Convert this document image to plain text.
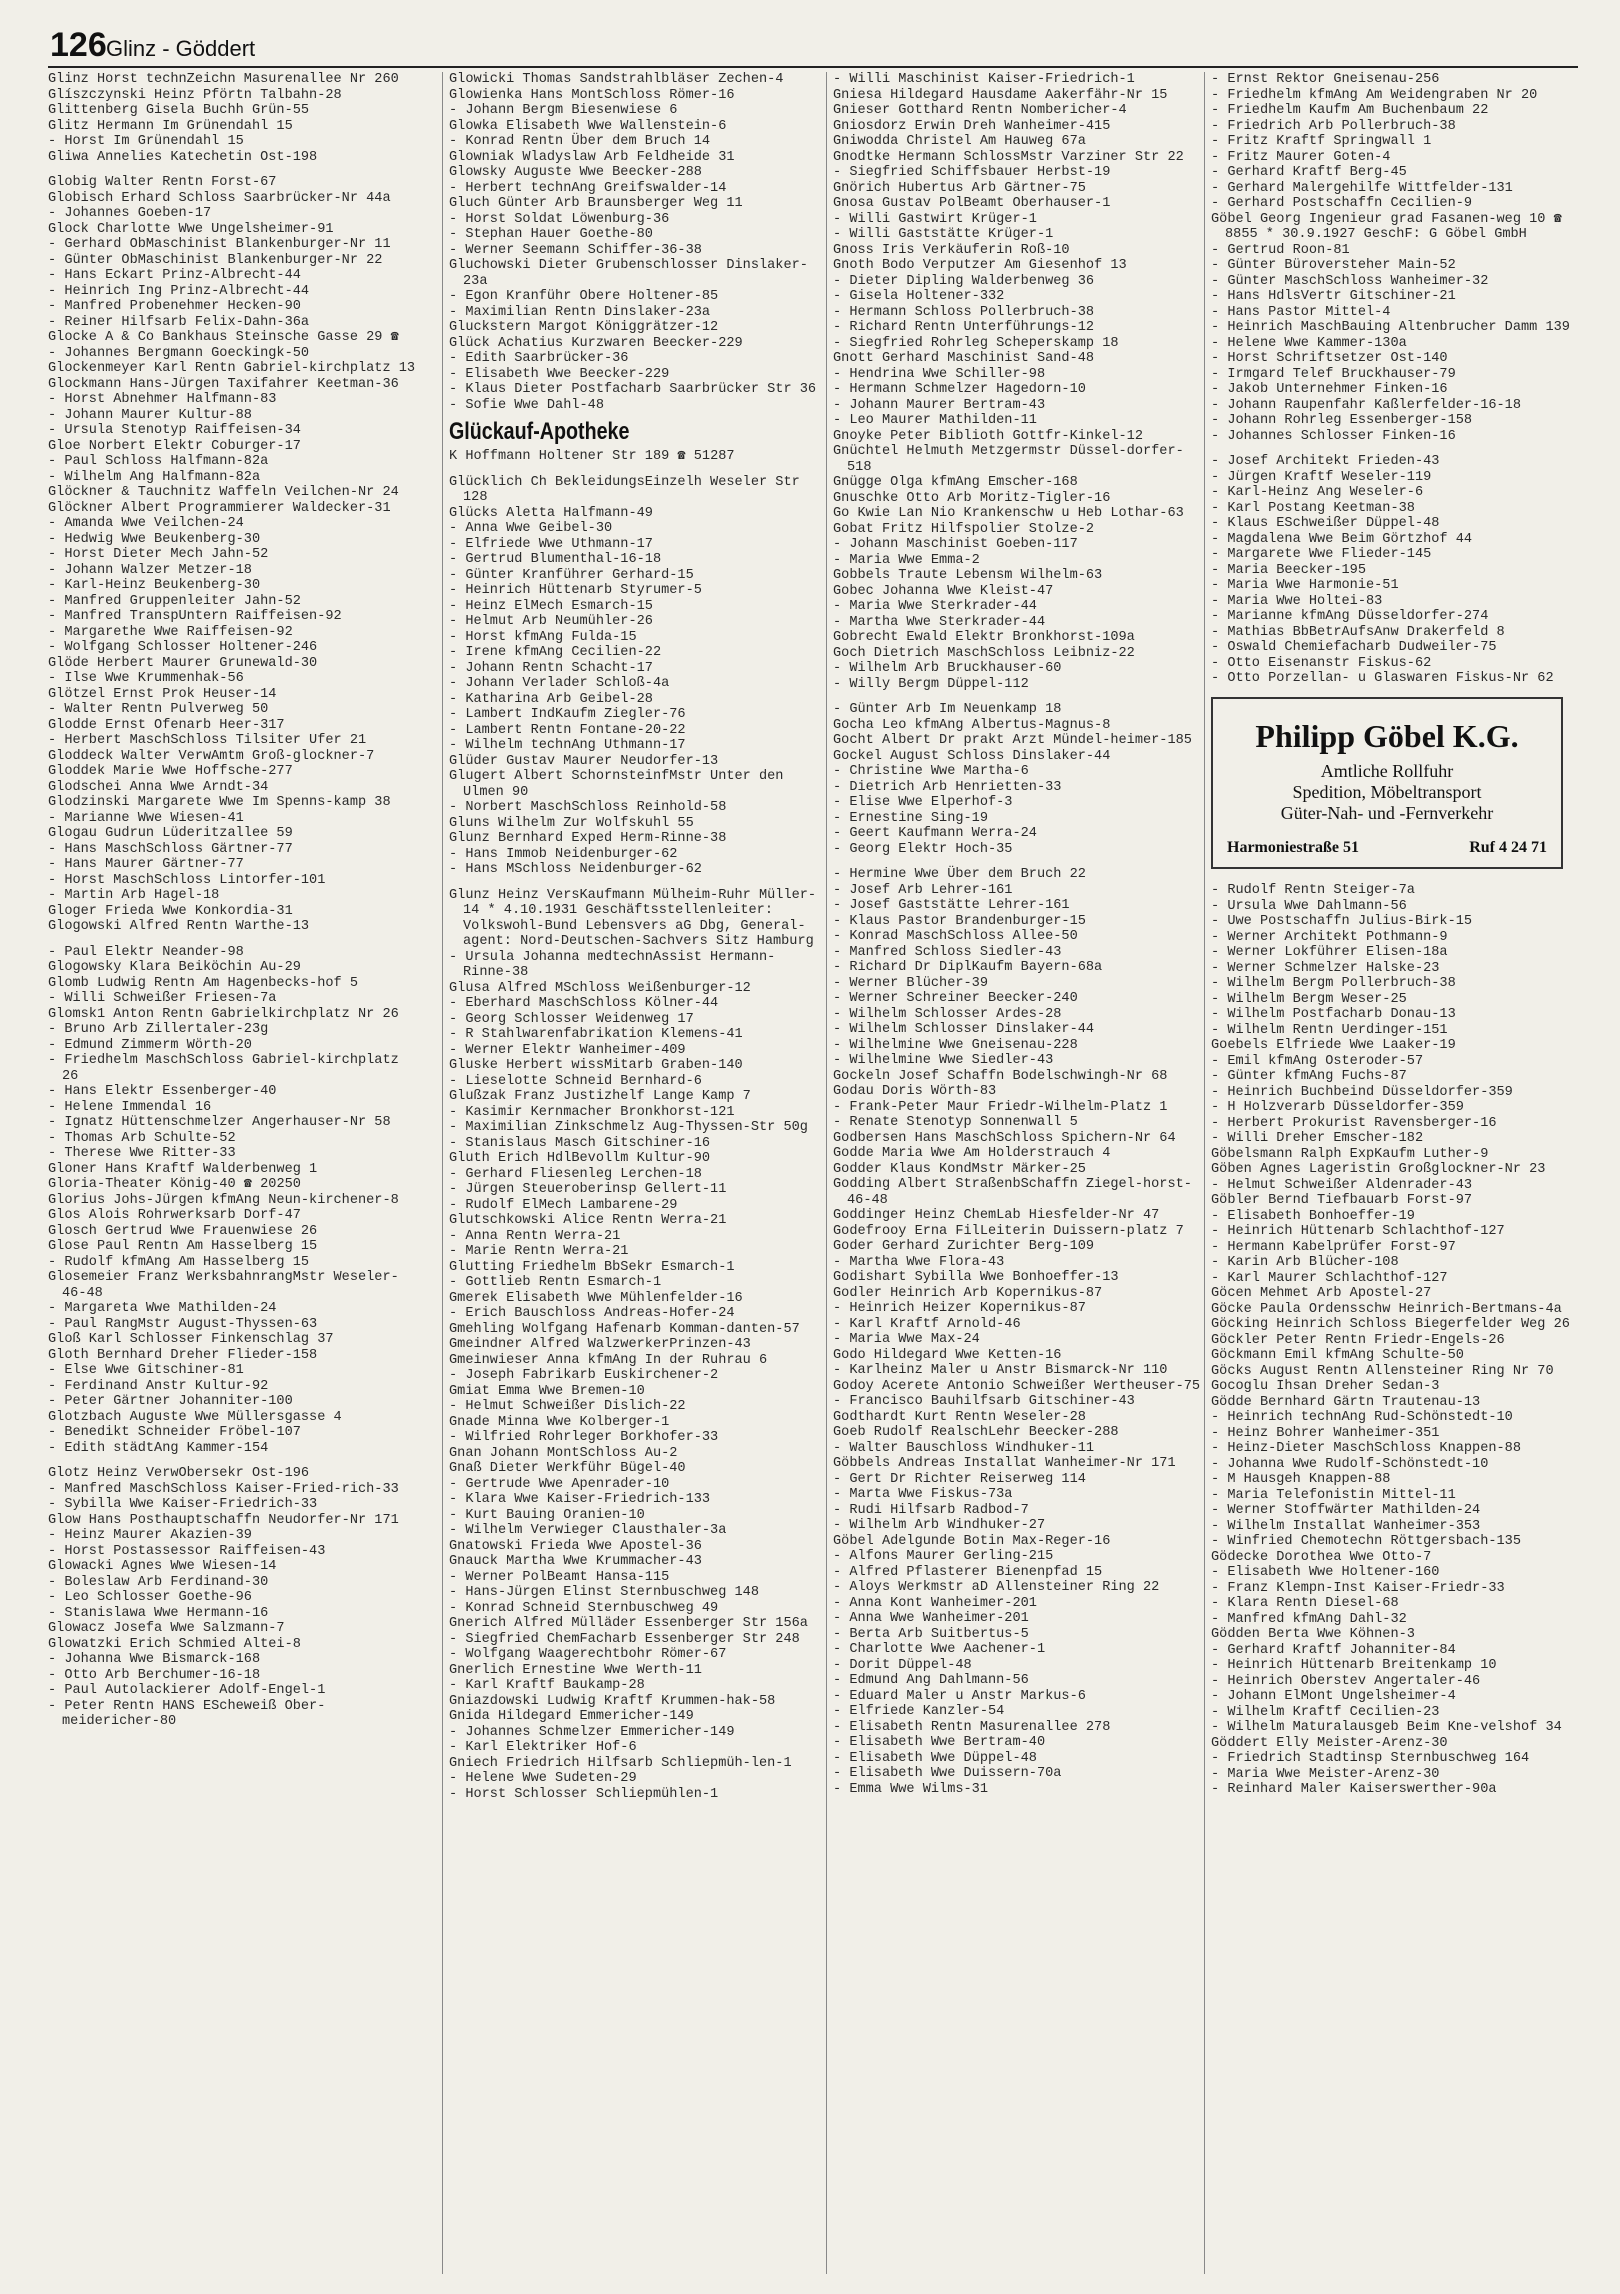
126 Glinz - Göddert
Glinz Horst technZeichn Masurenallee Nr 260
Glíszczynski Heinz Pförtn Talbahn-28
Glittenberg Gisela Buchh Grün-55
Glitz Hermann Im Grünendahl 15
- Horst Im Grünendahl 15
Gliwa Annelies Katechetin Ost-198
Globig Walter Rentn Forst-67
Globisch Erhard Schloss Saarbrücker-Nr 44a
- Johannes Goeben-17
Glock Charlotte Wwe Ungelsheimer-91
- Gerhard ObMaschinist Blankenburger-Nr 11
- Günter ObMaschinist Blankenburger-Nr 22
- Hans Eckart Prinz-Albrecht-44
- Heinrich Ing Prinz-Albrecht-44
- Manfred Probenehmer Hecken-90
- Reiner Hilfsarb Felix-Dahn-36a
Glocke A & Co Bankhaus Steinsche Gasse 29 ☎
- Johannes Bergmann Goeckingk-50
Glockenmeyer Karl Rentn Gabriel-kirchplatz 13
Glockmann Hans-Jürgen Taxifahrer Keetman-36
- Horst Abnehmer Halfmann-83
- Johann Maurer Kultur-88
- Ursula Stenotyp Raiffeisen-34
Gloe Norbert Elektr Coburger-17
- Paul Schloss Halfmann-82a
- Wilhelm Ang Halfmann-82a
Glöckner & Tauchnitz Waffeln Veilchen-Nr 24
Glöckner Albert Programmierer Waldecker-31
- Amanda Wwe Veilchen-24
- Hedwig Wwe Beukenberg-30
- Horst Dieter Mech Jahn-52
- Johann Walzer Metzer-18
- Karl-Heinz Beukenberg-30
- Manfred Gruppenleiter Jahn-52
- Manfred TranspUntern Raiffeisen-92
- Margarethe Wwe Raiffeisen-92
- Wolfgang Schlosser Holtener-246
Glöde Herbert Maurer Grunewald-30
- Ilse Wwe Krummenhak-56
Glötzel Ernst Prok Heuser-14
- Walter Rentn Pulverweg 50
Glodde Ernst Ofenarb Heer-317
- Herbert MaschSchloss Tilsiter Ufer 21
Gloddeck Walter VerwAmtm Groß-glockner-7
Gloddek Marie Wwe Hoffsche-277
Glodschei Anna Wwe Arndt-34
Glodzinski Margarete Wwe Im Spenns-kamp 38
- Marianne Wwe Wiesen-41
Glogau Gudrun Lüderitzallee 59
- Hans MaschSchloss Gärtner-77
- Hans Maurer Gärtner-77
- Horst MaschSchloss Lintorfer-101
- Martin Arb Hagel-18
Gloger Frieda Wwe Konkordia-31
Glogowski Alfred Rentn Warthe-13
- Paul Elektr Neander-98
Glogowsky Klara Beiköchin Au-29
Glomb Ludwig Rentn Am Hagenbecks-hof 5
- Willi Schweißer Friesen-7a
Glomsk1 Anton Rentn Gabrielkirchplatz Nr 26
- Bruno Arb Zillertaler-23g
- Edmund Zimmerm Wörth-20
- Friedhelm MaschSchloss Gabriel-kirchplatz 26
- Hans Elektr Essenberger-40
- Helene Immendal 16
- Ignatz Hüttenschmelzer Angerhauser-Nr 58
- Thomas Arb Schulte-52
- Therese Wwe Ritter-33
Gloner Hans Kraftf Walderbenweg 1
Gloria-Theater König-40 ☎ 20250
Glorius Johs-Jürgen kfmAng Neun-kirchener-8
Glos Alois Rohrwerksarb Dorf-47
Glosch Gertrud Wwe Frauenwiese 26
Glose Paul Rentn Am Hasselberg 15
- Rudolf kfmAng Am Hasselberg 15
Glosemeier Franz WerksbahnrangMstr Weseler-46-48
- Margareta Wwe Mathilden-24
- Paul RangMstr August-Thyssen-63
Gloß Karl Schlosser Finkenschlag 37
Gloth Bernhard Dreher Flieder-158
- Else Wwe Gitschiner-81
- Ferdinand Anstr Kultur-92
- Peter Gärtner Johanniter-100
Glotzbach Auguste Wwe Müllersgasse 4
- Benedikt Schneider Fröbel-107
- Edith städtAng Kammer-154
Glotz Heinz VerwObersekr Ost-196
- Manfred MaschSchloss Kaiser-Fried-rich-33
- Sybilla Wwe Kaiser-Friedrich-33
Glow Hans Posthauptschaffn Neudorfer-Nr 171
- Heinz Maurer Akazien-39
- Horst Postassessor Raiffeisen-43
Glowacki Agnes Wwe Wiesen-14
- Boleslaw Arb Ferdinand-30
- Leo Schlosser Goethe-96
- Stanislawa Wwe Hermann-16
Glowacz Josefa Wwe Salzmann-7
Glowatzki Erich Schmied Altei-8
- Johanna Wwe Bismarck-168
- Otto Arb Berchumer-16-18
- Paul Autolackierer Adolf-Engel-1
- Peter Rentn HANS EScheweiß Ober-meidericher-80
Glowicki Thomas Sandstrahlbläser Zechen-4
Glowienka Hans MontSchloss Römer-16
- Johann Bergm Biesenwiese 6
Glowka Elisabeth Wwe Wallenstein-6
- Konrad Rentn Über dem Bruch 14
Glowniak Wladyslaw Arb Feldheide 31
Glowsky Auguste Wwe Beecker-288
- Herbert technAng Greifswalder-14
Gluch Günter Arb Braunsberger Weg 11
- Horst Soldat Löwenburg-36
- Stephan Hauer Goethe-80
- Werner Seemann Schiffer-36-38
Gluchowski Dieter Grubenschlosser Dinslaker-23a
- Egon Kranführ Obere Holtener-85
- Maximilian Rentn Dinslaker-23a
Gluckstern Margot Königgrätzer-12
Glück Achatius Kurzwaren Beecker-229
- Edith Saarbrücker-36
- Elisabeth Wwe Beecker-229
- Klaus Dieter Postfacharb Saarbrücker Str 36
- Sofie Wwe Dahl-48
Glückauf-Apotheke
K Hoffmann Holtener Str 189 ☎ 51287
Glücklich Ch BekleidungsEinzelh Weseler Str 128
Glücks Aletta Halfmann-49
- Anna Wwe Geibel-30
- Elfriede Wwe Uthmann-17
- Gertrud Blumenthal-16-18
- Günter Kranführer Gerhard-15
- Heinrich Hüttenarb Styrumer-5
- Heinz ElMech Esmarch-15
- Helmut Arb Neumühler-26
- Horst kfmAng Fulda-15
- Irene kfmAng Cecilien-22
- Johann Rentn Schacht-17
- Johann Verlader Schloß-4a
- Katharina Arb Geibel-28
- Lambert IndKaufm Ziegler-76
- Lambert Rentn Fontane-20-22
- Wilhelm technAng Uthmann-17
Glüder Gustav Maurer Neudorfer-13
Glugert Albert SchornsteinfMstr Unter den Ulmen 90
- Norbert MaschSchloss Reinhold-58
Gluns Wilhelm Zur Wolfskuhl 55
Glunz Bernhard Exped Herm-Rinne-38
- Hans Immob Neidenburger-62
- Hans MSchloss Neidenburger-62
Glunz Heinz VersKaufmann Mülheim-Ruhr Müller-14 * 4.10.1931 Geschäftsstellenleiter: Volkswohl-Bund Lebensvers aG Dbg, General-agent: Nord-Deutschen-Sachvers Sitz Hamburg
- Ursula Johanna medtechnAssist Hermann-Rinne-38
Glusa Alfred MSchloss Weißenburger-12
- Eberhard MaschSchloss Kölner-44
- Georg Schlosser Weidenweg 17
- R Stahlwarenfabrikation Klemens-41
- Werner Elektr Wanheimer-409
Gluske Herbert wissMitarb Graben-140
- Lieselotte Schneid Bernhard-6
Glußzak Franz Justizhelf Lange Kamp 7
- Kasimir Kernmacher Bronkhorst-121
- Maximilian Zinkschmelz Aug-Thyssen-Str 50g
- Stanislaus Masch Gitschiner-16
Gluth Erich HdlBevollm Kultur-90
- Gerhard Fliesenleg Lerchen-18
- Jürgen Steueroberinsp Gellert-11
- Rudolf ElMech Lambarene-29
Glutschkowski Alice Rentn Werra-21
- Anna Rentn Werra-21
- Marie Rentn Werra-21
Glutting Friedhelm BbSekr Esmarch-1
- Gottlieb Rentn Esmarch-1
Gmerek Elisabeth Wwe Mühlenfelder-16
- Erich Bauschloss Andreas-Hofer-24
Gmehling Wolfgang Hafenarb Komman-danten-57
Gmeindner Alfred WalzwerkerPrinzen-43
Gmeinwieser Anna kfmAng In der Ruhrau 6
- Joseph Fabrikarb Euskirchener-2
Gmiat Emma Wwe Bremen-10
- Helmut Schweißer Dislich-22
Gnade Minna Wwe Kolberger-1
- Wilfried Rohrleger Borkhofer-33
Gnan Johann MontSchloss Au-2
Gnaß Dieter Werkführ Bügel-40
- Gertrude Wwe Apenrader-10
- Klara Wwe Kaiser-Friedrich-133
- Kurt Bauing Oranien-10
- Wilhelm Verwieger Clausthaler-3a
Gnatowski Frieda Wwe Apostel-36
Gnauck Martha Wwe Krummacher-43
- Werner PolBeamt Hansa-115
- Hans-Jürgen Elinst Sternbuschweg 148
- Konrad Schneid Sternbuschweg 49
Gnerich Alfred Mülläder Essenberger Str 156a
- Siegfried ChemFacharb Essenberger Str 248
- Wolfgang Waagerechtbohr Römer-67
Gnerlich Ernestine Wwe Werth-11
- Karl Kraftf Baukamp-28
Gniazdowski Ludwig Kraftf Krummen-hak-58
Gnida Hildegard Emmericher-149
- Johannes Schmelzer Emmericher-149
- Karl Elektriker Hof-6
Gniech Friedrich Hilfsarb Schliepmüh-len-1
- Helene Wwe Sudeten-29
- Horst Schlosser Schliepmühlen-1
- Willi Maschinist Kaiser-Friedrich-1
Gniesa Hildegard Hausdame Aakerfähr-Nr 15
Gnieser Gotthard Rentn Nombericher-4
Gniosdorz Erwin Dreh Wanheimer-415
Gniwodda Christel Am Hauweg 67a
Gnodtke Hermann SchlossMstr Varziner Str 22
- Siegfried Schiffsbauer Herbst-19
Gnörich Hubertus Arb Gärtner-75
Gnosa Gustav PolBeamt Oberhauser-1
- Willi Gastwirt Krüger-1
- Willi Gaststätte Krüger-1
Gnoss Iris Verkäuferin Roß-10
Gnoth Bodo Verputzer Am Giesenhof 13
- Dieter Dipling Walderbenweg 36
- Gisela Holtener-332
- Hermann Schloss Pollerbruch-38
- Richard Rentn Unterführungs-12
- Siegfried Rohrleg Scheperskamp 18
Gnott Gerhard Maschinist Sand-48
- Hendrina Wwe Schiller-98
- Hermann Schmelzer Hagedorn-10
- Johann Maurer Bertram-43
- Leo Maurer Mathilden-11
Gnoyke Peter Biblioth Gottfr-Kinkel-12
Gnüchtel Helmuth Metzgermstr Düssel-dorfer-518
Gnügge Olga kfmAng Emscher-168
Gnuschke Otto Arb Moritz-Tigler-16
Go Kwie Lan Nio Krankenschw u Heb Lothar-63
Gobat Fritz Hilfspolier Stolze-2
- Johann Maschinist Goeben-117
- Maria Wwe Emma-2
Gobbels Traute Lebensm Wilhelm-63
Gobec Johanna Wwe Kleist-47
- Maria Wwe Sterkrader-44
- Martha Wwe Sterkrader-44
Gobrecht Ewald Elektr Bronkhorst-109a
Goch Dietrich MaschSchloss Leibniz-22
- Wilhelm Arb Bruckhauser-60
- Willy Bergm Düppel-112
- Günter Arb Im Neuenkamp 18
Gocha Leo kfmAng Albertus-Magnus-8
Gocht Albert Dr prakt Arzt Mündel-heimer-185
Gockel August Schloss Dinslaker-44
- Christine Wwe Martha-6
- Dietrich Arb Henrietten-33
- Elise Wwe Elperhof-3
- Ernestine Sing-19
- Geert Kaufmann Werra-24
- Georg Elektr Hoch-35
- Hermine Wwe Über dem Bruch 22
- Josef Arb Lehrer-161
- Josef Gaststätte Lehrer-161
- Klaus Pastor Brandenburger-15
- Konrad MaschSchloss Allee-50
- Manfred Schloss Siedler-43
- Richard Dr DiplKaufm Bayern-68a
- Werner Blücher-39
- Werner Schreiner Beecker-240
- Wilhelm Schlosser Ardes-28
- Wilhelm Schlosser Dinslaker-44
- Wilhelmine Wwe Gneisenau-228
- Wilhelmine Wwe Siedler-43
Gockeln Josef Schaffn Bodelschwingh-Nr 68
Godau Doris Wörth-83
- Frank-Peter Maur Friedr-Wilhelm-Platz 1
- Renate Stenotyp Sonnenwall 5
Godbersen Hans MaschSchloss Spichern-Nr 64
Godde Maria Wwe Am Holderstrauch 4
Godder Klaus KondMstr Märker-25
Godding Albert StraßenbSchaffn Ziegel-horst-46-48
Goddinger Heinz ChemLab Hiesfelder-Nr 47
Godefrooy Erna FilLeiterin Duissern-platz 7
Goder Gerhard Zurichter Berg-109
- Martha Wwe Flora-43
Godishart Sybilla Wwe Bonhoeffer-13
Godler Heinrich Arb Kopernikus-87
- Heinrich Heizer Kopernikus-87
- Karl Kraftf Arnold-46
- Maria Wwe Max-24
Godo Hildegard Wwe Ketten-16
- Karlheinz Maler u Anstr Bismarck-Nr 110
Godoy Acerete Antonio Schweißer Wertheuser-75
- Francisco Bauhilfsarb Gitschiner-43
Godthardt Kurt Rentn Weseler-28
Goeb Rudolf RealschLehr Beecker-288
- Walter Bauschloss Windhuker-11
Göbbels Andreas Installat Wanheimer-Nr 171
- Gert Dr Richter Reiserweg 114
- Marta Wwe Fiskus-73a
- Rudi Hilfsarb Radbod-7
- Wilhelm Arb Windhuker-27
Göbel Adelgunde Botin Max-Reger-16
- Alfons Maurer Gerling-215
- Alfred Pflasterer Bienenpfad 15
- Aloys Werkmstr aD Allensteiner Ring 22
- Anna Kont Wanheimer-201
- Anna Wwe Wanheimer-201
- Berta Arb Suitbertus-5
- Charlotte Wwe Aachener-1
- Dorit Düppel-48
- Edmund Ang Dahlmann-56
- Eduard Maler u Anstr Markus-6
- Elfriede Kanzler-54
- Elisabeth Rentn Masurenallee 278
- Elisabeth Wwe Bertram-40
- Elisabeth Wwe Düppel-48
- Elisabeth Wwe Duissern-70a
- Emma Wwe Wilms-31
- Ernst Rektor Gneisenau-256
- Friedhelm kfmAng Am Weidengraben Nr 20
- Friedhelm Kaufm Am Buchenbaum 22
- Friedrich Arb Pollerbruch-38
- Fritz Kraftf Springwall 1
- Fritz Maurer Goten-4
- Gerhard Kraftf Berg-45
- Gerhard Malergehilfe Wittfelder-131
- Gerhard Postschaffn Cecilien-9
Göbel Georg Ingenieur grad Fasanen-weg 10 ☎ 8855 * 30.9.1927 GeschF: G Göbel GmbH
- Gertrud Roon-81
- Günter Büroversteher Main-52
- Günter MaschSchloss Wanheimer-32
- Hans HdlsVertr Gitschiner-21
- Hans Pastor Mittel-4
- Heinrich MaschBauing Altenbrucher Damm 139
- Helene Wwe Kammer-130a
- Horst Schriftsetzer Ost-140
- Irmgard Telef Bruckhauser-79
- Jakob Unternehmer Finken-16
- Johann Raupenfahr Kaßlerfelder-16-18
- Johann Rohrleg Essenberger-158
- Johannes Schlosser Finken-16
- Josef Architekt Frieden-43
- Jürgen Kraftf Weseler-119
- Karl-Heinz Ang Weseler-6
- Karl Postang Keetman-38
- Klaus ESchweißer Düppel-48
- Magdalena Wwe Beim Görtzhof 44
- Margarete Wwe Flieder-145
- Maria Beecker-195
- Maria Wwe Harmonie-51
- Maria Wwe Holtei-83
- Marianne kfmAng Düsseldorfer-274
- Mathias BbBetrAufsAnw Drakerfeld 8
- Oswald Chemiefacharb Dudweiler-75
- Otto Eisenanstr Fiskus-62
- Otto Porzellan- u Glaswaren Fiskus-Nr 62
Philipp Göbel K.G.
Amtliche Rollfuhr
Spedition, Möbeltransport
Güter-Nah- und -Fernverkehr
Harmoniestraße 51	Ruf 4 24 71
- Rudolf Rentn Steiger-7a
- Ursula Wwe Dahlmann-56
- Uwe Postschaffn Julius-Birk-15
- Werner Architekt Pothmann-9
- Werner Lokführer Elisen-18a
- Werner Schmelzer Halske-23
- Wilhelm Bergm Pollerbruch-38
- Wilhelm Bergm Weser-25
- Wilhelm Postfacharb Donau-13
- Wilhelm Rentn Uerdinger-151
Goebels Elfriede Wwe Laaker-19
- Emil kfmAng Osteroder-57
- Günter kfmAng Fuchs-87
- Heinrich Buchbeind Düsseldorfer-359
- H Holzverarb Düsseldorfer-359
- Herbert Prokurist Ravensberger-16
- Willi Dreher Emscher-182
Göbelsmann Ralph ExpKaufm Luther-9
Göben Agnes Lageristin Großglockner-Nr 23
- Helmut Schweißer Aldenrader-43
Göbler Bernd Tiefbauarb Forst-97
- Elisabeth Bonhoeffer-19
- Heinrich Hüttenarb Schlachthof-127
- Hermann Kabelprüfer Forst-97
- Karin Arb Blücher-108
- Karl Maurer Schlachthof-127
Göcen Mehmet Arb Apostel-27
Göcke Paula Ordensschw Heinrich-Bertmans-4a
Göcking Heinrich Schloss Biegerfelder Weg 26
Göckler Peter Rentn Friedr-Engels-26
Göckmann Emil kfmAng Schulte-50
Göcks August Rentn Allensteiner Ring Nr 70
Gocoglu Ihsan Dreher Sedan-3
Gödde Bernhard Gärtn Trautenau-13
- Heinrich technAng Rud-Schönstedt-10
- Heinz Bohrer Wanheimer-351
- Heinz-Dieter MaschSchloss Knappen-88
- Johanna Wwe Rudolf-Schönstedt-10
- M Hausgeh Knappen-88
- Maria Telefonistin Mittel-11
- Werner Stoffwärter Mathilden-24
- Wilhelm Installat Wanheimer-353
- Winfried Chemotechn Röttgersbach-135
Gödecke Dorothea Wwe Otto-7
- Elisabeth Wwe Holtener-160
- Franz Klempn-Inst Kaiser-Friedr-33
- Klara Rentn Diesel-68
- Manfred kfmAng Dahl-32
Gödden Berta Wwe Köhnen-3
- Gerhard Kraftf Johanniter-84
- Heinrich Hüttenarb Breitenkamp 10
- Heinrich Oberstev Angertaler-46
- Johann ElMont Ungelsheimer-4
- Wilhelm Kraftf Cecilien-23
- Wilhelm Maturalausgeb Beim Kne-velshof 34
Göddert Elly Meister-Arenz-30
- Friedrich Stadtinsp Sternbuschweg 164
- Maria Wwe Meister-Arenz-30
- Reinhard Maler Kaiserswerther-90a
